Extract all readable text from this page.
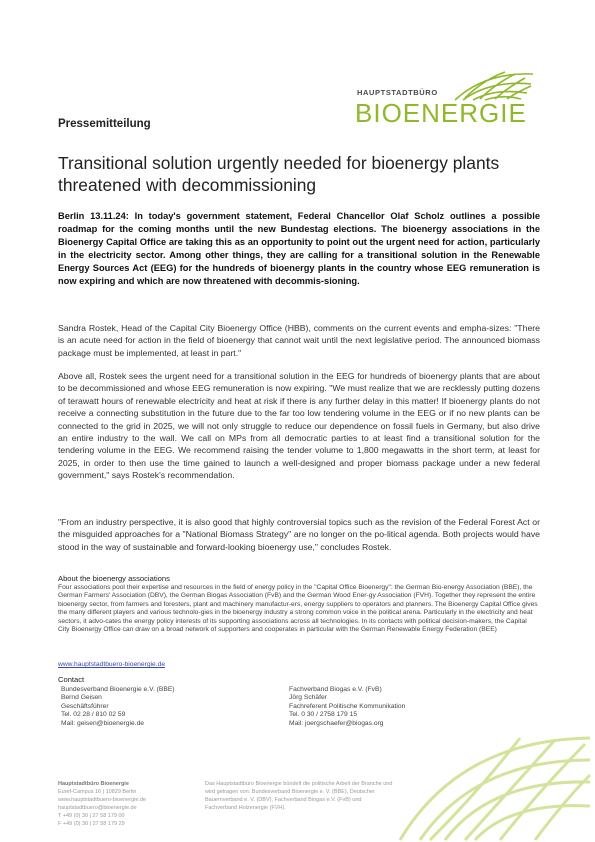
HAUPTSTADTBÜRO
BIOENERGIE
Pressemitteilung
Transitional solution urgently needed for bioenergy plants threatened with decommissioning
Berlin 13.11.24: In today's government statement, Federal Chancellor Olaf Scholz outlines a possible roadmap for the coming months until the new Bundestag elections. The bioenergy associations in the Bioenergy Capital Office are taking this as an opportunity to point out the urgent need for action, particularly in the electricity sector. Among other things, they are calling for a transitional solution in the Renewable Energy Sources Act (EEG) for the hundreds of bioenergy plants in the country whose EEG remuneration is now expiring and which are now threatened with decommis-sioning.
Sandra Rostek, Head of the Capital City Bioenergy Office (HBB), comments on the current events and empha-sizes: "There is an acute need for action in the field of bioenergy that cannot wait until the next legislative period. The announced biomass package must be implemented, at least in part."
Above all, Rostek sees the urgent need for a transitional solution in the EEG for hundreds of bioenergy plants that are about to be decommissioned and whose EEG remuneration is now expiring. "We must realize that we are recklessly putting dozens of terawatt hours of renewable electricity and heat at risk if there is any further delay in this matter! If bioenergy plants do not receive a connecting substitution in the future due to the far too low tendering volume in the EEG or if no new plants can be connected to the grid in 2025, we will not only struggle to reduce our dependence on fossil fuels in Germany, but also drive an entire industry to the wall. We call on MPs from all democratic parties to at least find a transitional solution for the tendering volume in the EEG. We recommend raising the tender volume to 1,800 megawatts in the short term, at least for 2025, in order to then use the time gained to launch a well-designed and proper biomass package under a new federal government," says Rostek's recommendation.
"From an industry perspective, it is also good that highly controversial topics such as the revision of the Federal Forest Act or the misguided approaches for a "National Biomass Strategy" are no longer on the po-litical agenda. Both projects would have stood in the way of sustainable and forward-looking bioenergy use," concludes Rostek.
About the bioenergy associations
Four associations pool their expertise and resources in the field of energy policy in the "Capital Office Bioenergy": the German Bio-energy Association (BBE), the German Farmers' Association (DBV), the German Biogas Association (FvB) and the German Wood Ener-gy Association (FVH). Together they represent the entire bioenergy sector, from farmers and foresters, plant and machinery manufactur-ers, energy suppliers to operators and planners. The Bioenergy Capital Office gives the many different players and various technolo-gies in the bioenergy industry a strong common voice in the political arena. Particularly in the electricity and heat sectors, it advo-cates the energy policy interests of its supporting associations across all technologies. In its contacts with political decision-makers, the Capital City Bioenergy Office can draw on a broad network of supporters and cooperates in particular with the German Renewable Energy Federation (BEE)
www.hauptstadtbuero-bioenergie.de
Contact
Bundesverband Bioenergie e.V. (BBE)
Bernd Geisen
Geschäftsführer
Tel. 02 28 / 810 02 59
Mail: geisen@bioenergie.de
Fachverband Biogas e.V. (FvB)
Jörg Schäfer
Fachreferent Politische Kommunikation
Tel. 0 30 / 2758 179 15
Mail: joergschaefer@biogas.org
Hauptstadtbüro Bioenergie
Euref-Campus 16 | 10829 Berlin
www.hauptstadtbuero-bioenergie.de
hauptstadtbuero@bioenergie.de
T +49 (0) 30 | 27 58 179 00
F +49 (0) 30 | 27 58 179 29
Das Hauptstadtbüro Bioenergie bündelt die politische Arbeit der Branche und wird getragen von: Bundesverband Bioenergie e. V. (BBE), Deutscher Bauernverband e. V. (DBV), Fachverband Biogas e.V. (FvB) und Fachverband Holzenergie (FVH).
